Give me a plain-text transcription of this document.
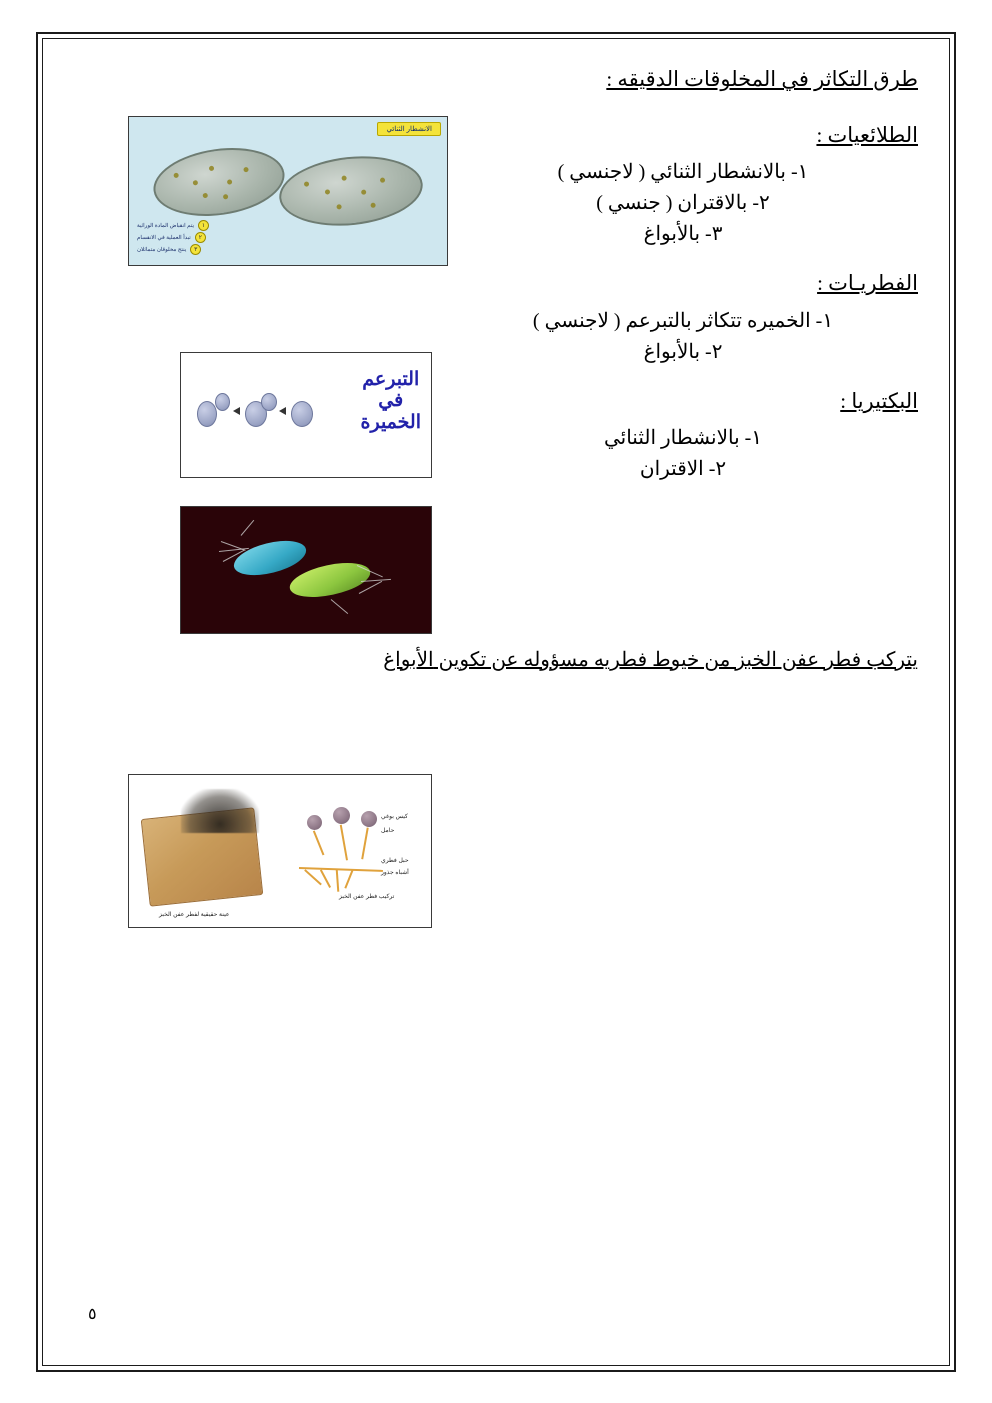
طرق التكاثر في المخلوقات الدقيقه :
الطلائعيات :
١- بالانشطار الثنائي ( لاجنسي )
٢- بالاقتران ( جنسي )
٣- بالأبواغ
الفطريـات :
١- الخميره تتكاثر بالتبرعم ( لاجنسي )
٢- بالأبواغ
البكتيريا :
١- بالانشطار الثنائي
٢- الاقتران
يتركب فطر عفن الخبز من خيوط فطريه مسؤوله عن تكوين الأبواغ
الانشطار الثنائي
١
يتم انقباض المادة الوراثية
٢
تبدأ العملية في الانقسام
٣
ينتج مخلوقان متماثلان
التبرعم
في
الخميرة
كيس بوغي
حامل
حبل فطري
أشباه جذور
تركيب فطر عفن الخبز
عينة حقيقية لفطر عفن الخبز
٥
